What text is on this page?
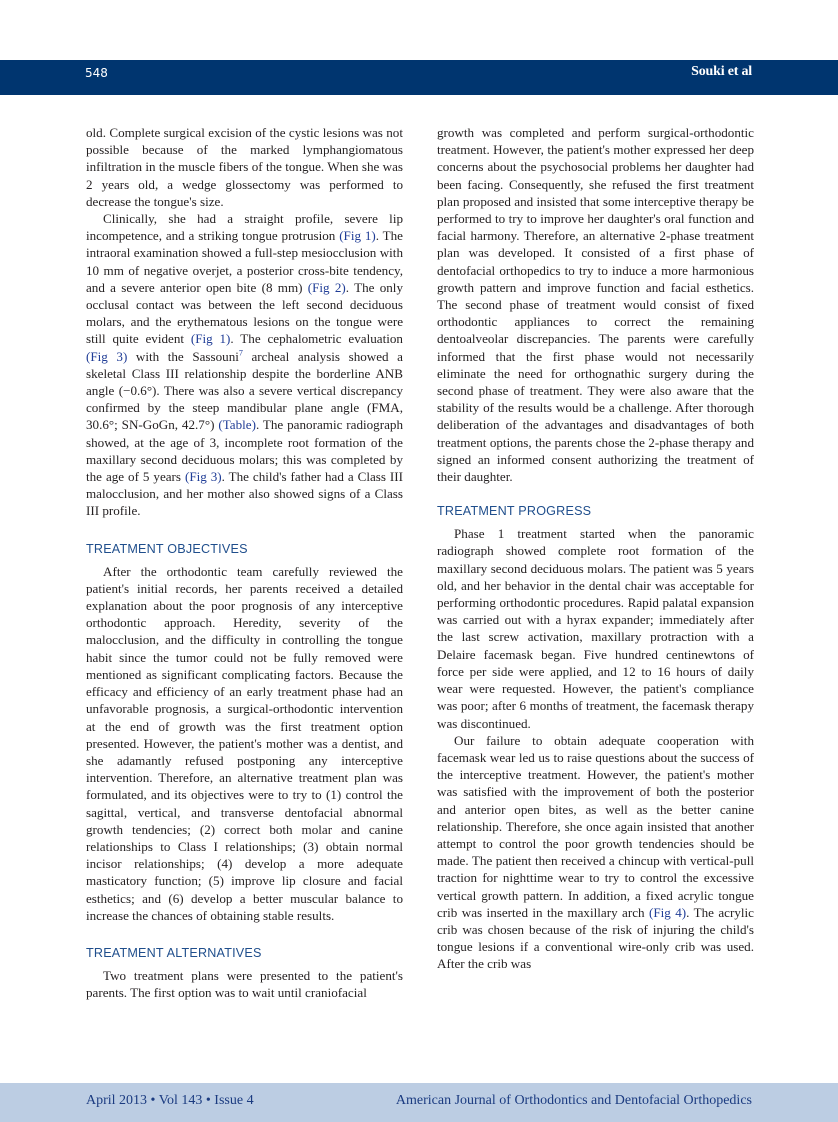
548	Souki et al

old. Complete surgical excision of the cystic lesions was not possible because of the marked lymphangiomatous infiltration in the muscle fibers of the tongue. When she was 2 years old, a wedge glossectomy was performed to decrease the tongue's size.

Clinically, she had a straight profile, severe lip incompetence, and a striking tongue protrusion (Fig 1). The intraoral examination showed a full-step mesiocclusion with 10 mm of negative overjet, a posterior cross-bite tendency, and a severe anterior open bite (8 mm) (Fig 2). The only occlusal contact was between the left second deciduous molars, and the erythematous lesions on the tongue were still quite evident (Fig 1). The cephalometric evaluation (Fig 3) with the Sassouni$^7$ archeal analysis showed a skeletal Class III relationship despite the borderline ANB angle (−0.6°). There was also a severe vertical discrepancy confirmed by the steep mandibular plane angle (FMA, 30.6°; SN-GoGn, 42.7°) (Table). The panoramic radiograph showed, at the age of 3, incomplete root formation of the maxillary second deciduous molars; this was completed by the age of 5 years (Fig 3). The child's father had a Class III malocclusion, and her mother also showed signs of a Class III profile.

TREATMENT OBJECTIVES

After the orthodontic team carefully reviewed the patient's initial records, her parents received a detailed explanation about the poor prognosis of any interceptive orthodontic approach. Heredity, severity of the malocclusion, and the difficulty in controlling the tongue habit since the tumor could not be fully removed were mentioned as significant complicating factors. Because the efficacy and efficiency of an early treatment phase had an unfavorable prognosis, a surgical-orthodontic intervention at the end of growth was the first treatment option presented. However, the patient's mother was a dentist, and she adamantly refused postponing any interceptive intervention. Therefore, an alternative treatment plan was formulated, and its objectives were to try to (1) control the sagittal, vertical, and transverse dentofacial abnormal growth tendencies; (2) correct both molar and canine relationships to Class I relationships; (3) obtain normal incisor relationships; (4) develop a more adequate masticatory function; (5) improve lip closure and facial esthetics; and (6) develop a better muscular balance to increase the chances of obtaining stable results.

TREATMENT ALTERNATIVES

Two treatment plans were presented to the patient's parents. The first option was to wait until craniofacial

growth was completed and perform surgical-orthodontic treatment. However, the patient's mother expressed her deep concerns about the psychosocial problems her daughter had been facing. Consequently, she refused the first treatment plan proposed and insisted that some interceptive therapy be performed to try to improve her daughter's oral function and facial harmony. Therefore, an alternative 2-phase treatment plan was developed. It consisted of a first phase of dentofacial orthopedics to try to induce a more harmonious growth pattern and improve function and facial esthetics. The second phase of treatment would consist of fixed orthodontic appliances to correct the remaining dentoalveolar discrepancies. The parents were carefully informed that the first phase would not necessarily eliminate the need for orthognathic surgery during the second phase of treatment. They were also aware that the stability of the results would be a challenge. After thorough deliberation of the advantages and disadvantages of both treatment options, the parents chose the 2-phase therapy and signed an informed consent authorizing the treatment of their daughter.

TREATMENT PROGRESS

Phase 1 treatment started when the panoramic radiograph showed complete root formation of the maxillary second deciduous molars. The patient was 5 years old, and her behavior in the dental chair was acceptable for performing orthodontic procedures. Rapid palatal expansion was carried out with a hyrax expander; immediately after the last screw activation, maxillary protraction with a Delaire facemask began. Five hundred centinewtons of force per side were applied, and 12 to 16 hours of daily wear were requested. However, the patient's compliance was poor; after 6 months of treatment, the facemask therapy was discontinued.

Our failure to obtain adequate cooperation with facemask wear led us to raise questions about the success of the interceptive treatment. However, the patient's mother was satisfied with the improvement of both the posterior and anterior open bites, as well as the better canine relationship. Therefore, she once again insisted that another attempt to control the poor growth tendencies should be made. The patient then received a chincup with vertical-pull traction for nighttime wear to try to control the excessive vertical growth pattern. In addition, a fixed acrylic tongue crib was inserted in the maxillary arch (Fig 4). The acrylic crib was chosen because of the risk of injuring the child's tongue lesions if a conventional wire-only crib was used. After the crib was

April 2013 • Vol 143 • Issue 4	American Journal of Orthodontics and Dentofacial Orthopedics
